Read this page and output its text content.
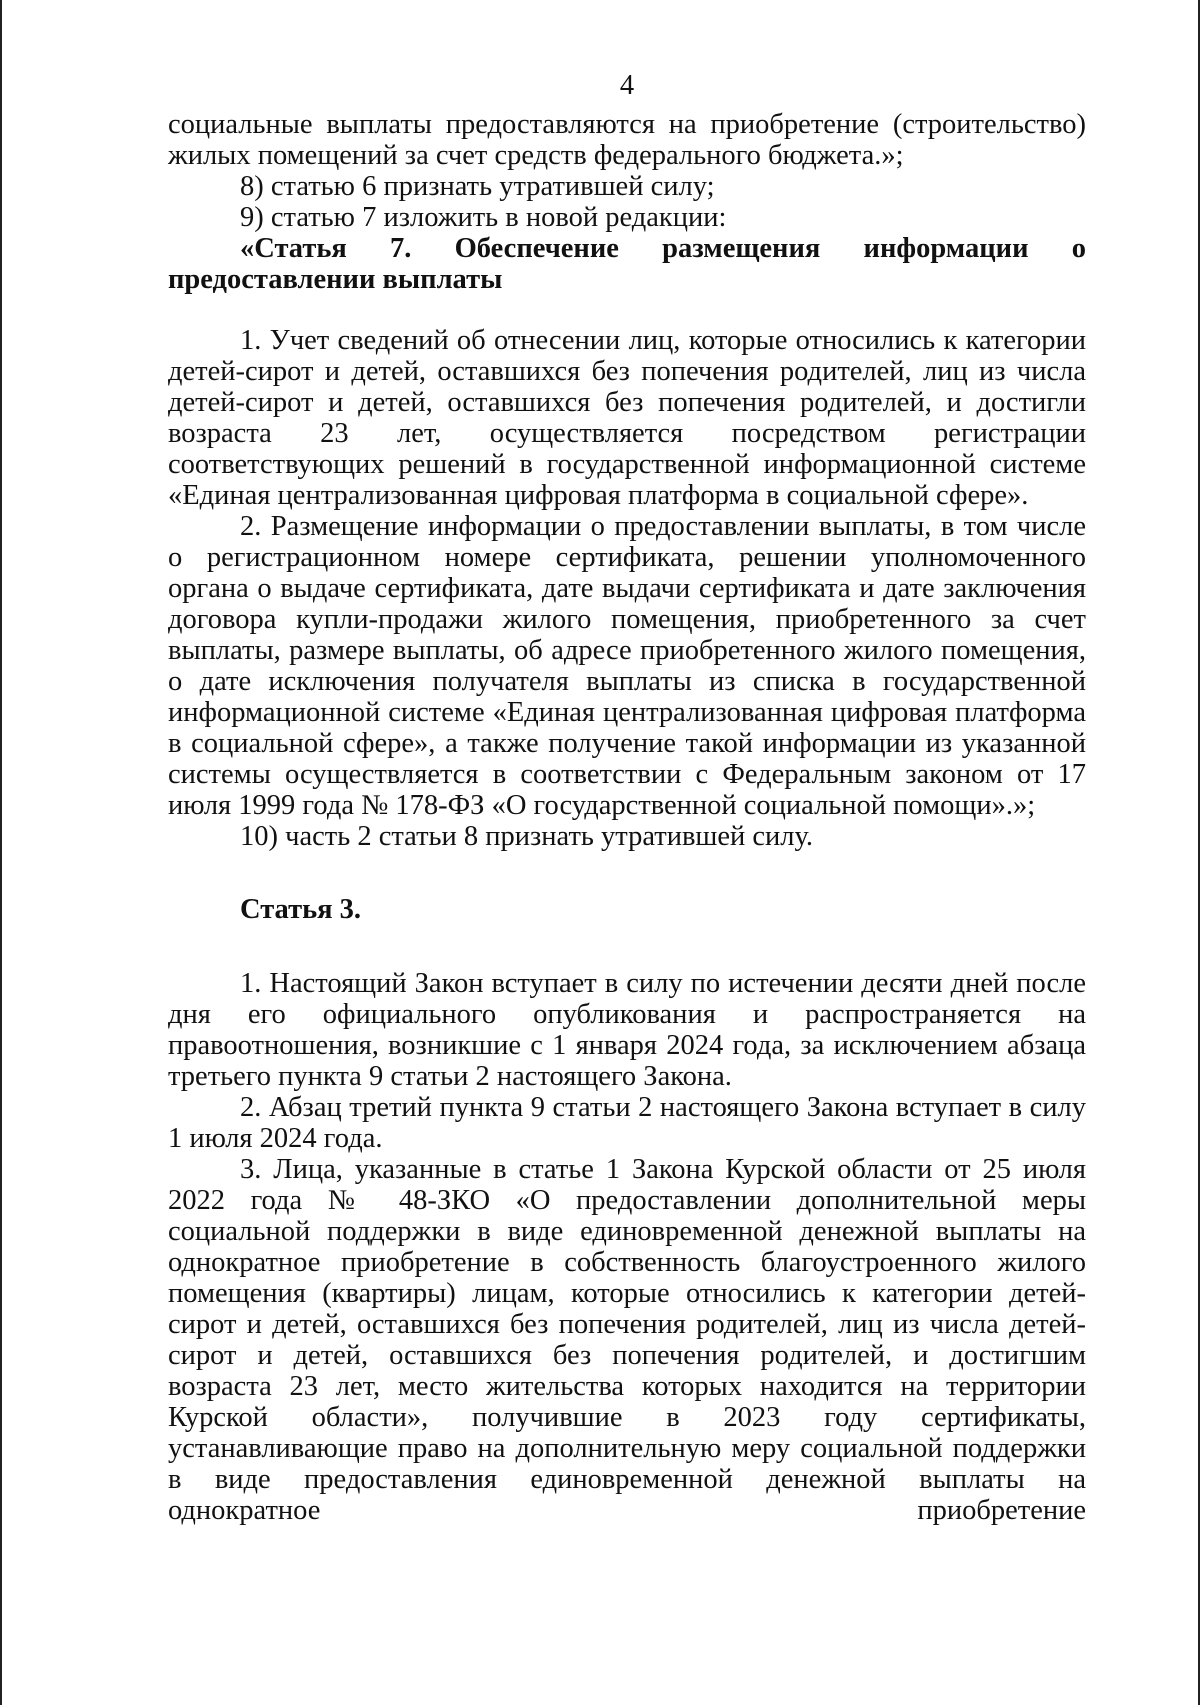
4

социальные выплаты предоставляются на приобретение (строительство) жилых помещений за счет средств федерального бюджета.»;

8) статью 6 признать утратившей силу;

9) статью 7 изложить в новой редакции:

«Статья 7. Обеспечение размещения информации о предоставлении выплаты

1. Учет сведений об отнесении лиц, которые относились к категории детей-сирот и детей, оставшихся без попечения родителей, лиц из числа детей-сирот и детей, оставшихся без попечения родителей, и достигли возраста 23 лет, осуществляется посредством регистрации соответствующих решений в государственной информационной системе «Единая централизованная цифровая платформа в социальной сфере».

2. Размещение информации о предоставлении выплаты, в том числе о регистрационном номере сертификата, решении уполномоченного органа о выдаче сертификата, дате выдачи сертификата и дате заключения договора купли-продажи жилого помещения, приобретенного за счет выплаты, размере выплаты, об адресе приобретенного жилого помещения, о дате исключения получателя выплаты из списка в государственной информационной системе «Единая централизованная цифровая платформа в социальной сфере», а также получение такой информации из указанной системы осуществляется в соответствии с Федеральным законом от 17 июля 1999 года № 178-ФЗ «О государственной социальной помощи».»;

10) часть 2 статьи 8 признать утратившей силу.

Статья 3.

1. Настоящий Закон вступает в силу по истечении десяти дней после дня его официального опубликования и распространяется на правоотношения, возникшие с 1 января 2024 года, за исключением абзаца третьего пункта 9 статьи 2 настоящего Закона.

2. Абзац третий пункта 9 статьи 2 настоящего Закона вступает в силу 1 июля 2024 года.

3. Лица, указанные в статье 1 Закона Курской области от 25 июля 2022 года № 48-ЗКО «О предоставлении дополнительной меры социальной поддержки в виде единовременной денежной выплаты на однократное приобретение в собственность благоустроенного жилого помещения (квартиры) лицам, которые относились к категории детей-сирот и детей, оставшихся без попечения родителей, лиц из числа детей-сирот и детей, оставшихся без попечения родителей, и достигшим возраста 23 лет, место жительства которых находится на территории Курской области», получившие в 2023 году сертификаты, устанавливающие право на дополнительную меру социальной поддержки в виде предоставления единовременной денежной выплаты на однократное приобретение
